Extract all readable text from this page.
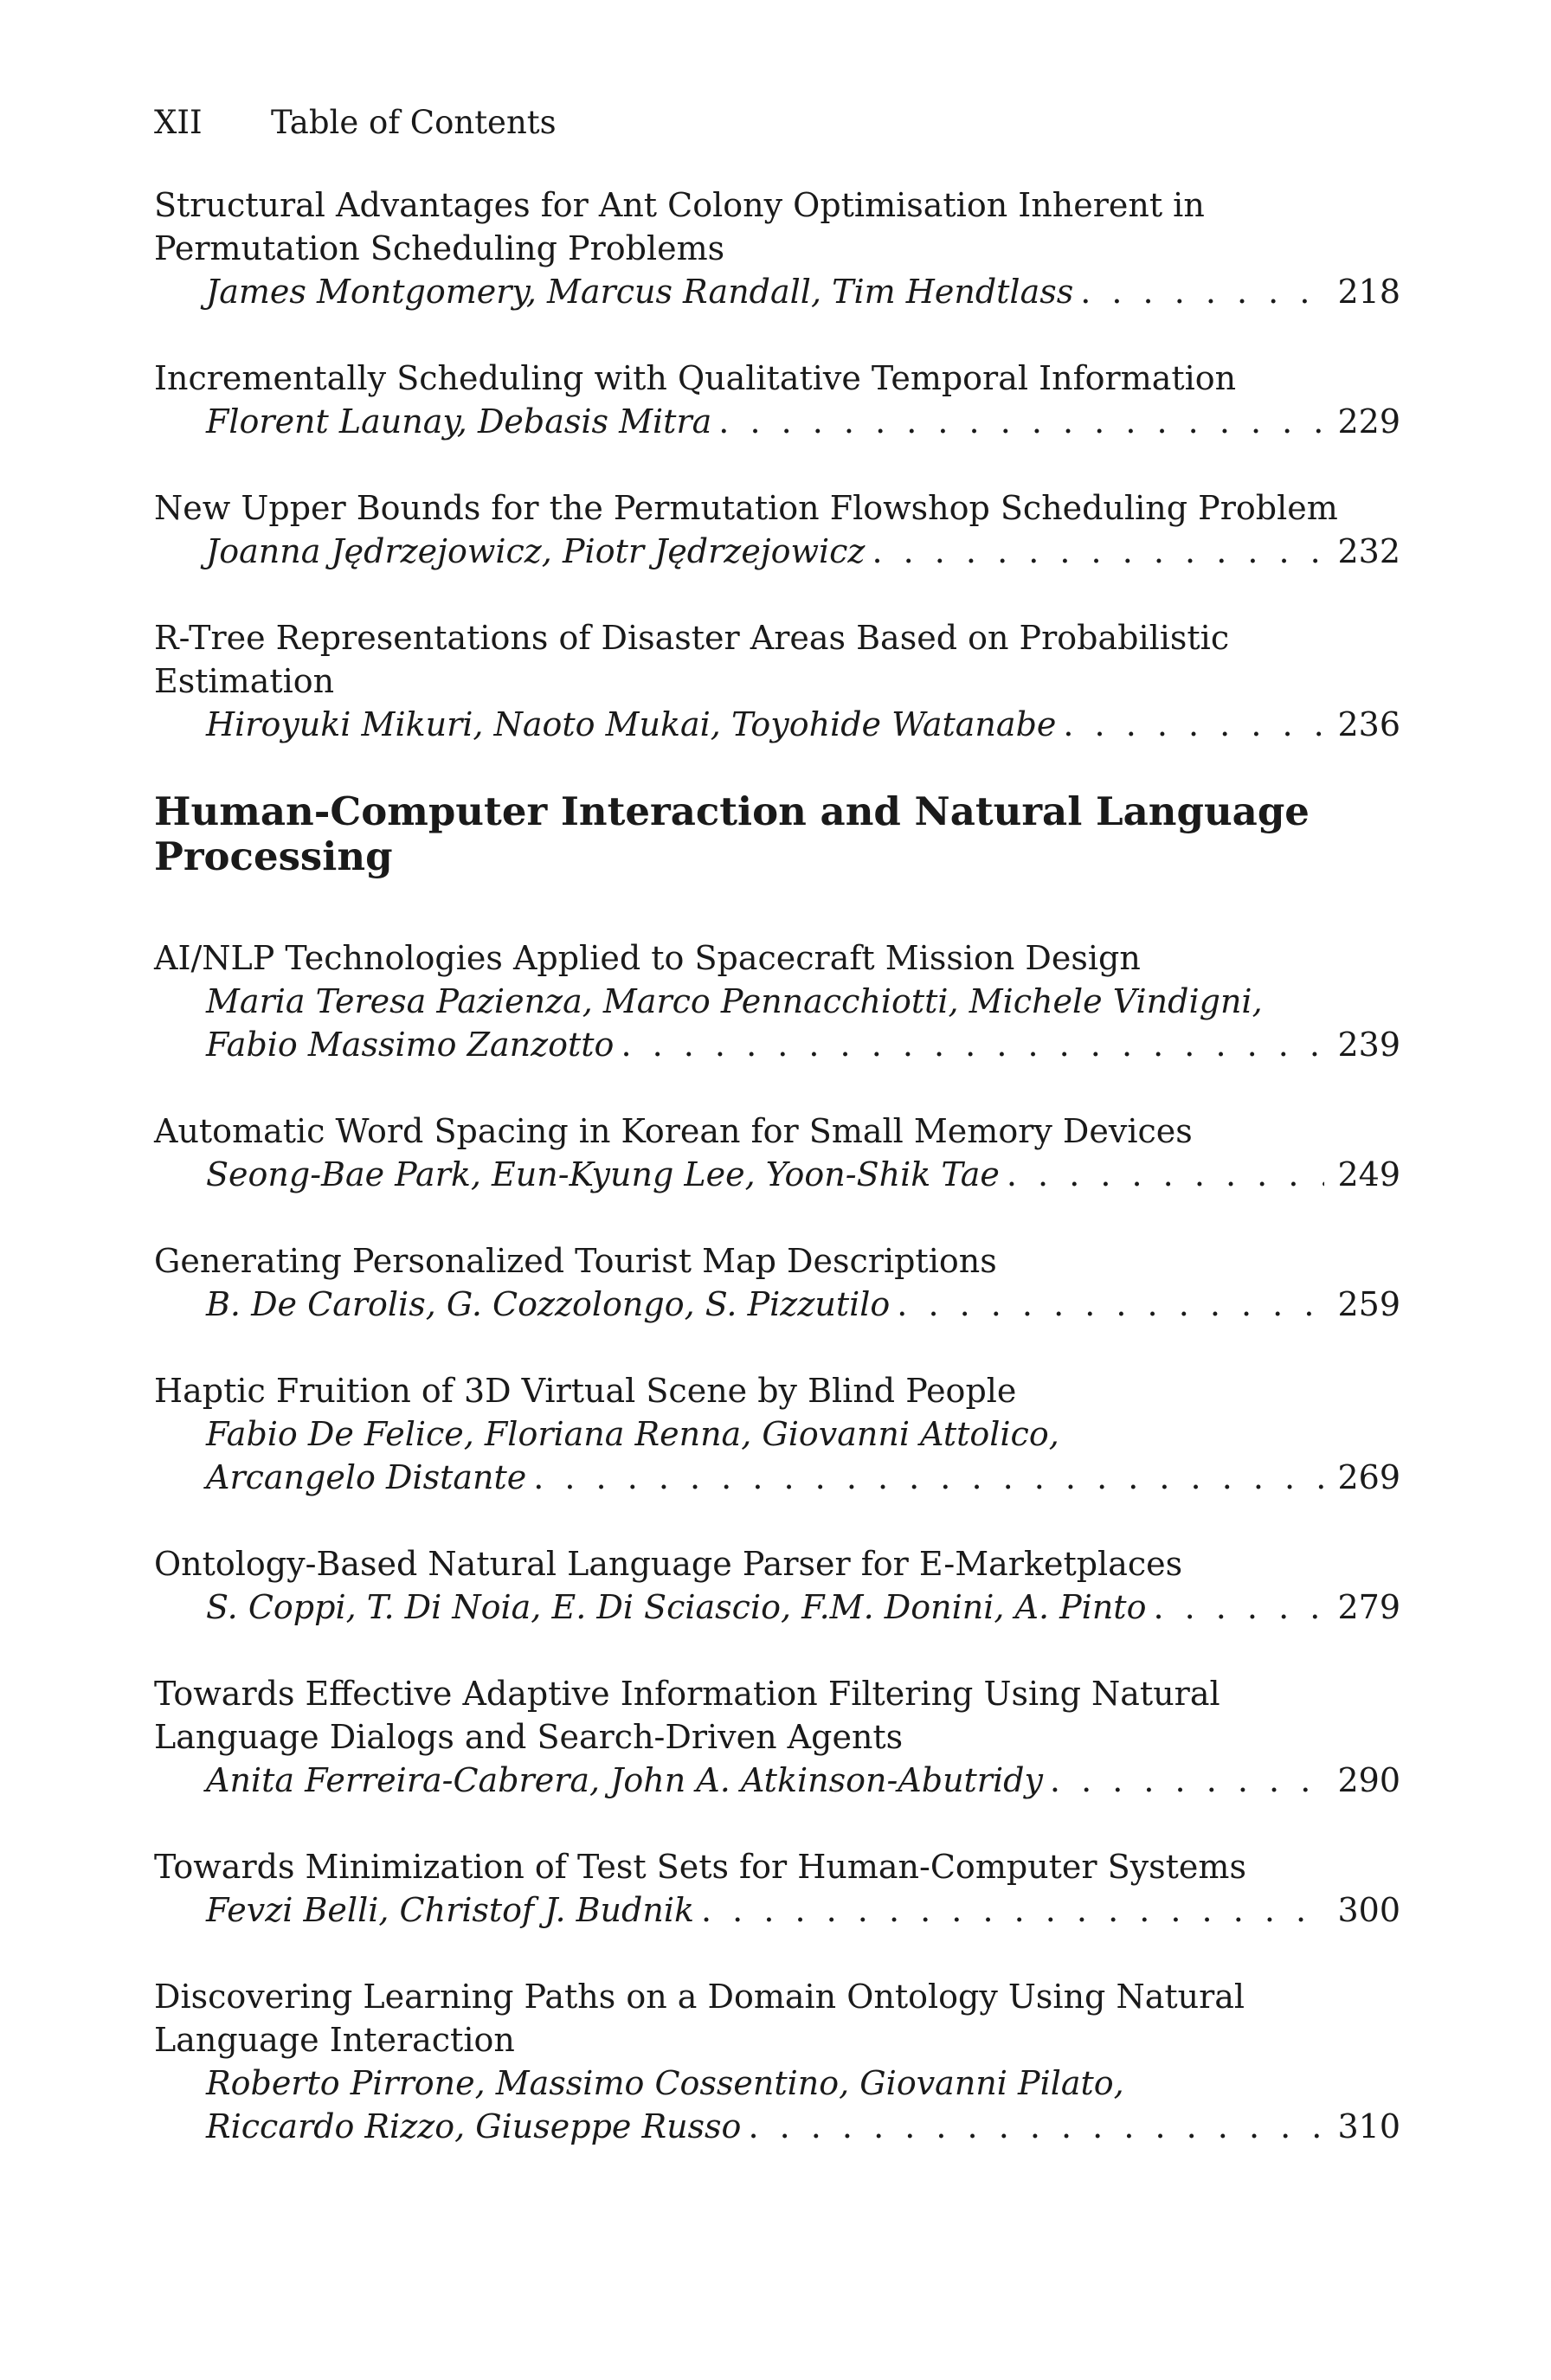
XII Table of Contents
Structural Advantages for Ant Colony Optimisation Inherent in
Permutation Scheduling Problems
James Montgomery, Marcus Randall, Tim Hendtlass . . .	218
Incrementally Scheduling with Qualitative Temporal Information
Florent Launay, Debasis Mitra . . .	229
New Upper Bounds for the Permutation Flowshop Scheduling Problem
Joanna Jędrzejowicz, Piotr Jędrzejowicz . . .	232
R-Tree Representations of Disaster Areas Based on Probabilistic
Estimation
Hiroyuki Mikuri, Naoto Mukai, Toyohide Watanabe . . .	236
Human-Computer Interaction and Natural Language Processing
AI/NLP Technologies Applied to Spacecraft Mission Design
Maria Teresa Pazienza, Marco Pennacchiotti, Michele Vindigni,
Fabio Massimo Zanzotto . . .	239
Automatic Word Spacing in Korean for Small Memory Devices
Seong-Bae Park, Eun-Kyung Lee, Yoon-Shik Tae . . .	249
Generating Personalized Tourist Map Descriptions
B. De Carolis, G. Cozzolongo, S. Pizzutilo . . .	259
Haptic Fruition of 3D Virtual Scene by Blind People
Fabio De Felice, Floriana Renna, Giovanni Attolico,
Arcangelo Distante . . .	269
Ontology-Based Natural Language Parser for E-Marketplaces
S. Coppi, T. Di Noia, E. Di Sciascio, F.M. Donini, A. Pinto . . .	279
Towards Effective Adaptive Information Filtering Using Natural
Language Dialogs and Search-Driven Agents
Anita Ferreira-Cabrera, John A. Atkinson-Abutridy . . .	290
Towards Minimization of Test Sets for Human-Computer Systems
Fevzi Belli, Christof J. Budnik . . .	300
Discovering Learning Paths on a Domain Ontology Using Natural
Language Interaction
Roberto Pirrone, Massimo Cossentino, Giovanni Pilato,
Riccardo Rizzo, Giuseppe Russo . . .	310
